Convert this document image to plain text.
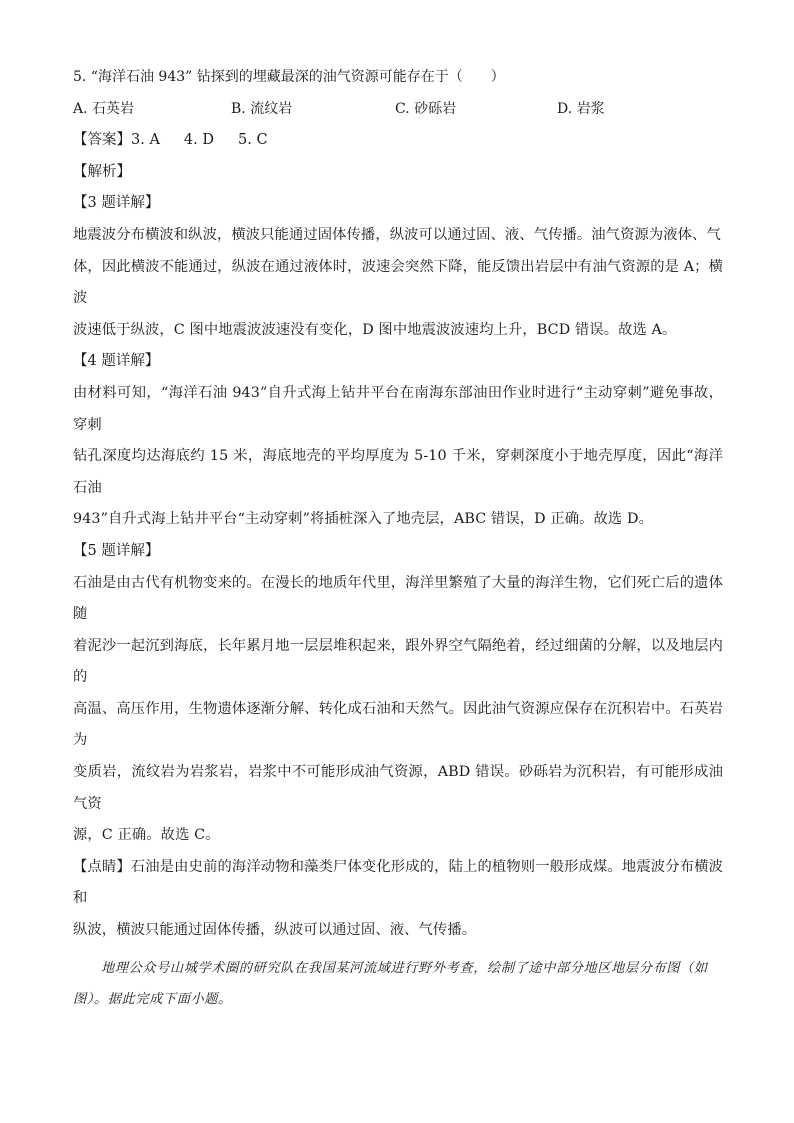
5. “海洋石油 943” 钻探到的埋藏最深的油气资源可能存在于（　　）
A. 石英岩	B. 流纹岩	C. 砂砾岩	D. 岩浆
【答案】3. A 4. D 5. C
【解析】
【3 题详解】
地震波分布横波和纵波，横波只能通过固体传播，纵波可以通过固、液、气传播。油气资源为液体、气
体，因此横波不能通过，纵波在通过液体时，波速会突然下降，能反馈出岩层中有油气资源的是 A；横波
波速低于纵波，C 图中地震波波速没有变化，D 图中地震波波速均上升，BCD 错误。故选 A。
【4 题详解】
由材料可知，“海洋石油 943”自升式海上钻井平台在南海东部油田作业时进行“主动穿刺”避免事故，穿刺
钻孔深度均达海底约 15 米，海底地壳的平均厚度为 5-10 千米，穿刺深度小于地壳厚度，因此“海洋石油
943”自升式海上钻井平台“主动穿刺”将插桩深入了地壳层，ABC 错误，D 正确。故选 D。
【5 题详解】
石油是由古代有机物变来的。在漫长的地质年代里，海洋里繁殖了大量的海洋生物，它们死亡后的遗体随
着泥沙一起沉到海底，长年累月地一层层堆积起来，跟外界空气隔绝着，经过细菌的分解，以及地层内的
高温、高压作用，生物遗体逐渐分解、转化成石油和天然气。因此油气资源应保存在沉积岩中。石英岩为
变质岩，流纹岩为岩浆岩，岩浆中不可能形成油气资源，ABD 错误。砂砾岩为沉积岩，有可能形成油气资
源，C 正确。故选 C。
【点睛】石油是由史前的海洋动物和藻类尸体变化形成的，陆上的植物则一般形成煤。地震波分布横波和
纵波，横波只能通过固体传播，纵波可以通过固、液、气传播。
地理公众号山城学术圈的研究队在我国某河流域进行野外考查，绘制了途中部分地区地层分布图（如
图）。据此完成下面小题。
